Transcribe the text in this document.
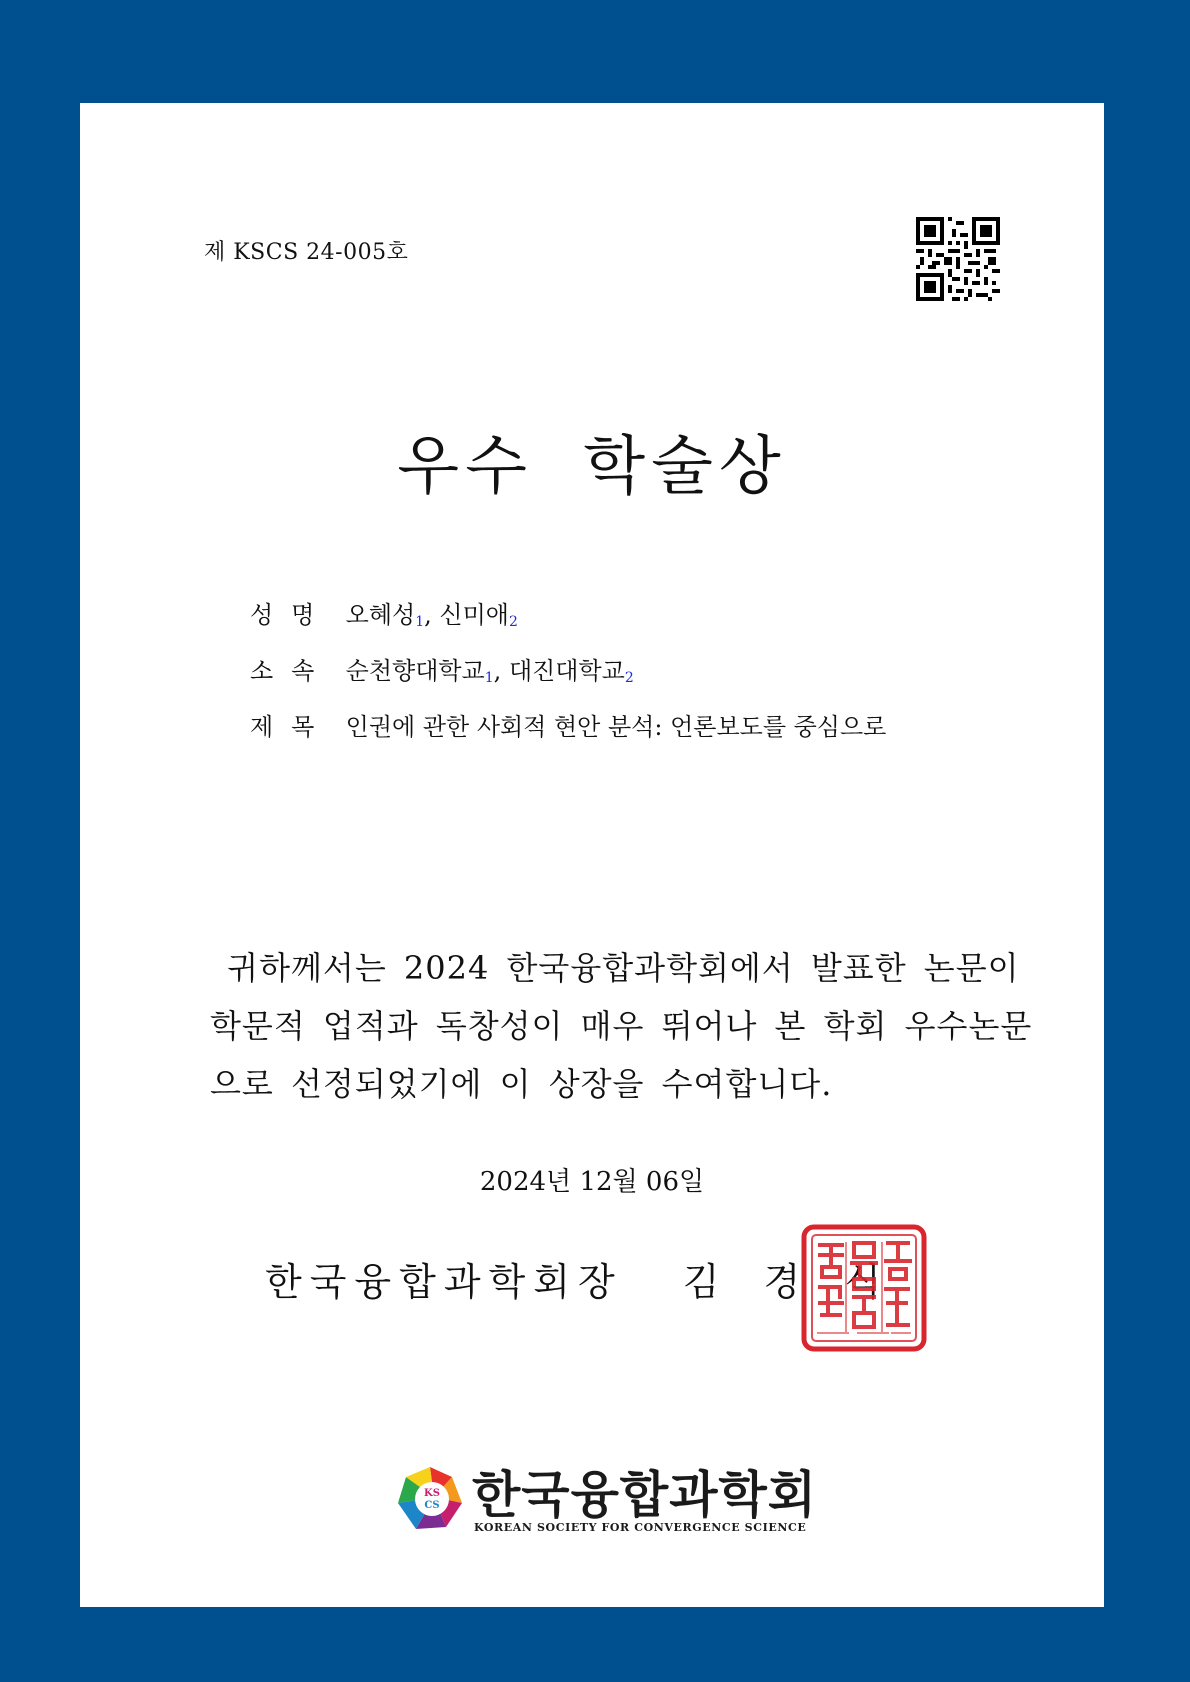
제 KSCS 24-005호
우수 학술상
성명 오혜성$_1$, 신미애$_2$
소속 순천향대학교$_1$, 대진대학교$_2$
제목 인권에 관한 사회적 현안 분석: 언론보도를 중심으로
귀하께서는 2024 한국융합과학회에서 발표한 논문이
학문적 업적과 독창성이 매우 뛰어나 본 학회 우수논문
으로 선정되었기에 이 상장을 수여합니다.
2024년 12월 06일
한국융합과학회장 김경식
KS
CS 한국융합과학회
KOREAN SOCIETY FOR CONVERGENCE SCIENCE
